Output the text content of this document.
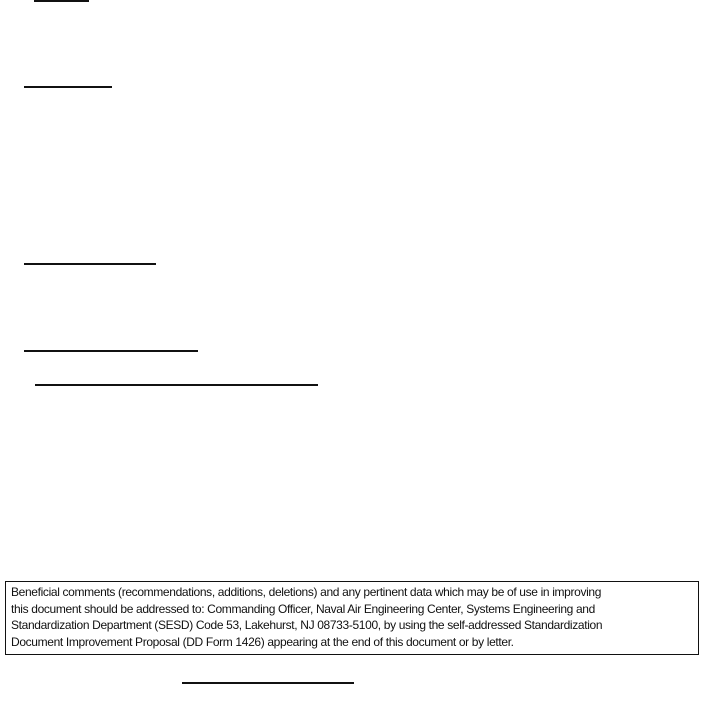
Beneficial comments (recommendations, additions, deletions) and any pertinent data which may be of use in improving
this document should be addressed to: Commanding Officer, Naval Air Engineering Center, Systems Engineering and
Standardization Department (SESD) Code 53, Lakehurst, NJ 08733-5100, by using the self-addressed Standardization
Document Improvement Proposal (DD Form 1426) appearing at the end of this document or by letter.
